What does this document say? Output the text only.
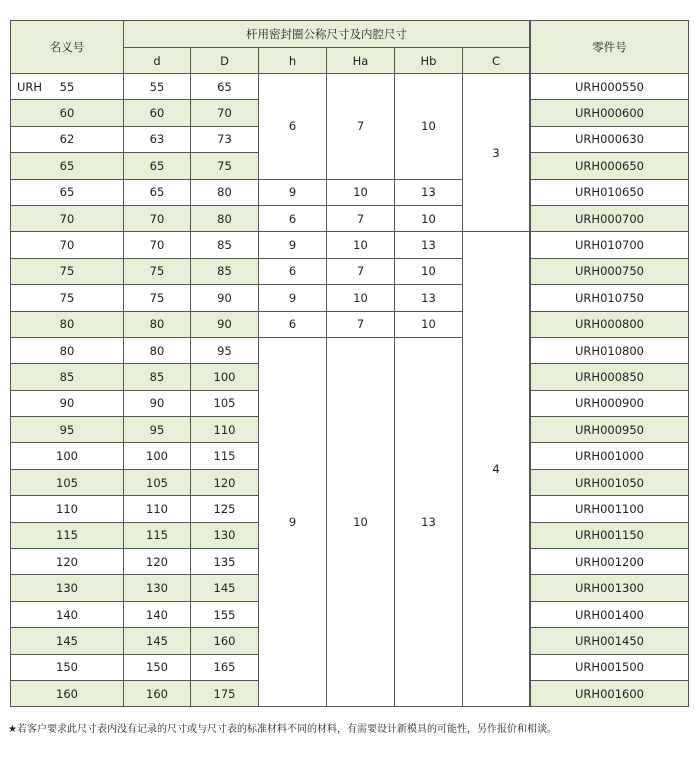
名义号	杆用密封圈公称尺寸及内腔尺寸						零件号
	d	D	h	Ha	Hb	C	

URH 55	55	65	6	7	10	3		URH000550
60	60	70					URH000600
62	63	73					URH000630
65	65	75					URH000650
65	65	80	9	10	13		URH010650
70	70	80	6	7	10		URH000700
70	70	85	9	10	13	4	URH010700
75	75	85	6	7	10		URH000750
75	75	90	9	10	13		URH010750
80	80	90	6	7	10		URH000800
80	80	95	9	10	13		URH010800
85	85	100					URH000850
90	90	105					URH000900
95	95	110					URH000950
100	100	115					URH001000
105	105	120					URH001050
110	110	125					URH001100
115	115	130					URH001150
120	120	135					URH001200
130	130	145					URH001300
140	140	155					URH001400
145	145	160					URH001450
150	150	165					URH001500
160	160	175					URH001600
★若客户要求此尺寸表内没有记录的尺寸或与尺寸表的标准材料不同的材料，有需要设计新模具的可能性，另作报价和相谈。
